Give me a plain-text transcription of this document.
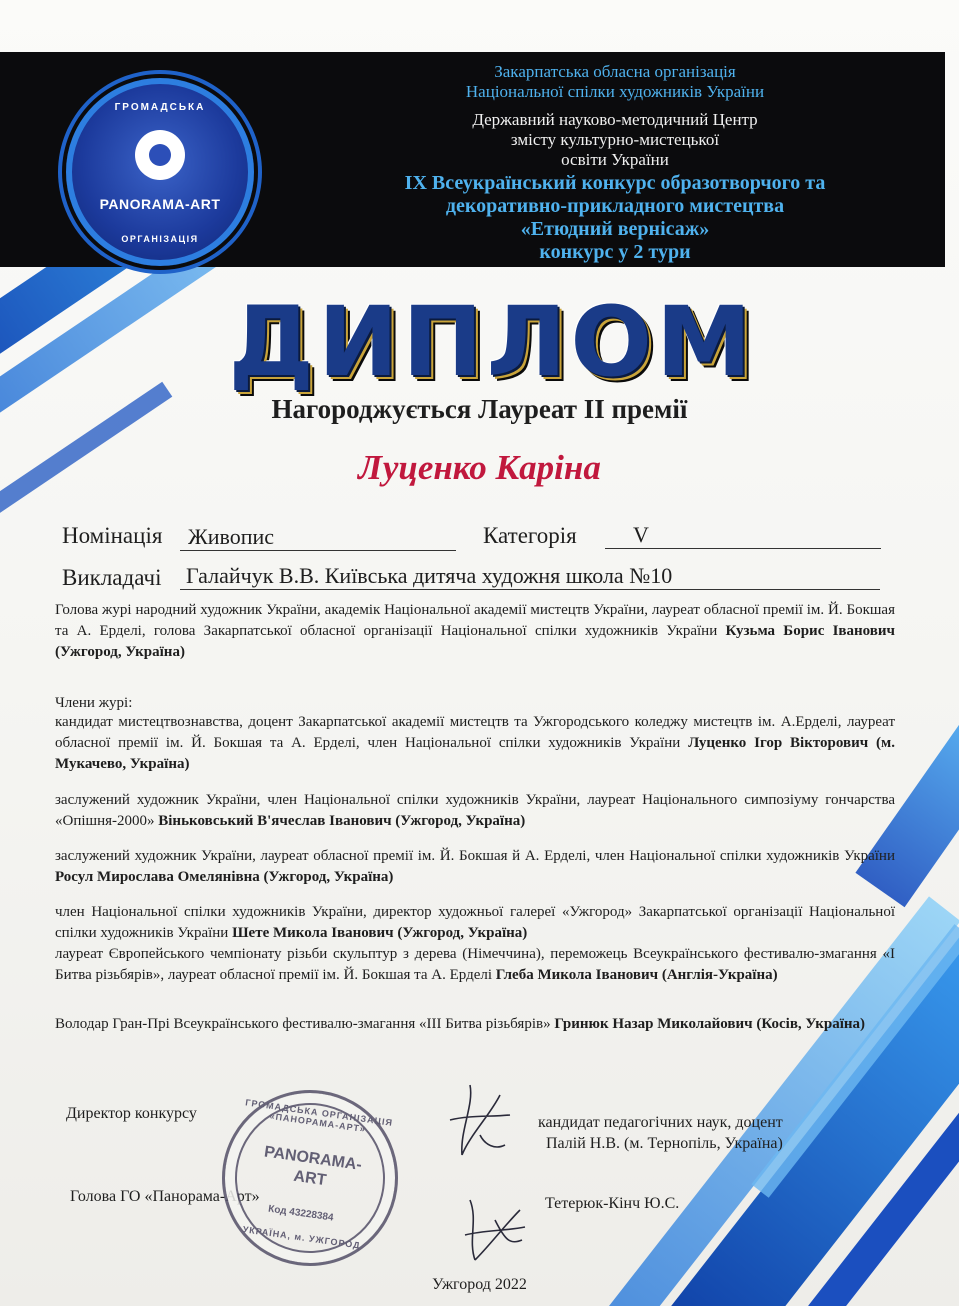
ГРОМАДСЬКА
PANORAMA-ART
ОРГАНІЗАЦІЯ
Закарпатська обласна організація
Національної спілки художників України
Державний науково-методичний Центр
змісту культурно-мистецької
освіти України
IX Всеукраїнський конкурс образотворчого та
декоративно-прикладного мистецтва
«Етюдний вернісаж»
конкурс у 2 тури
ДИПЛОМ
Нагороджується Лауреат II премії
Луценко Каріна
Номінація	Живопис	Категорія	V
Викладачі Галайчук В.В. Київська дитяча художня школа №10
Голова журі народний художник України, академік Національної академії мистецтв України, лауреат обласної премії ім. Й. Бокшая та А. Ерделі, голова Закарпатської обласної організації Національної спілки художників України Кузьма Борис Іванович (Ужгород, Україна)
Члени журі:
кандидат мистецтвознавства, доцент Закарпатської академії мистецтв та Ужгородського коледжу мистецтв ім. А.Ерделі, лауреат обласної премії ім. Й. Бокшая та А. Ерделі, член Національної спілки художників України Луценко Ігор Вікторович (м. Мукачево, Україна)
заслужений художник України, член Національної спілки художників України, лауреат Національного симпозіуму гончарства «Опішня-2000» Віньковський В'ячеслав Іванович (Ужгород, Україна)
заслужений художник України, лауреат обласної премії ім. Й. Бокшая й А. Ерделі, член Національної спілки художників України Росул Мирослава Омелянівна (Ужгород, Україна)
член Національної спілки художників України, директор художньої галереї «Ужгород» Закарпатської організації Національної спілки художників України Шете Микола Іванович (Ужгород, Україна)
лауреат Європейського чемпіонату різьби скульптур з дерева (Німеччина), переможець Всеукраїнського фестивалю-змагання «І Битва різьбярів», лауреат обласної премії ім. Й. Бокшая та А. Ерделі Глеба Микола Іванович (Англія-Україна)
Володар Гран-Прі Всеукраїнського фестивалю-змагання «ІІІ Битва різьбярів» Гринюк Назар Миколайович (Косів, Україна)
Директор конкурсу
кандидат педагогічних наук, доцент
Палій Н.В. (м. Тернопіль, Україна)
Голова ГО «Панорама-Арт»	Тетерюк-Кінч Ю.С.
ГРОМАДСЬКА ОРГАНІЗАЦІЯ «ПАНОРАМА-АРТ»
PANORAMA-
ART
Код 43228384
УКРАЇНА, м. УЖГОРОД
Ужгород 2022
